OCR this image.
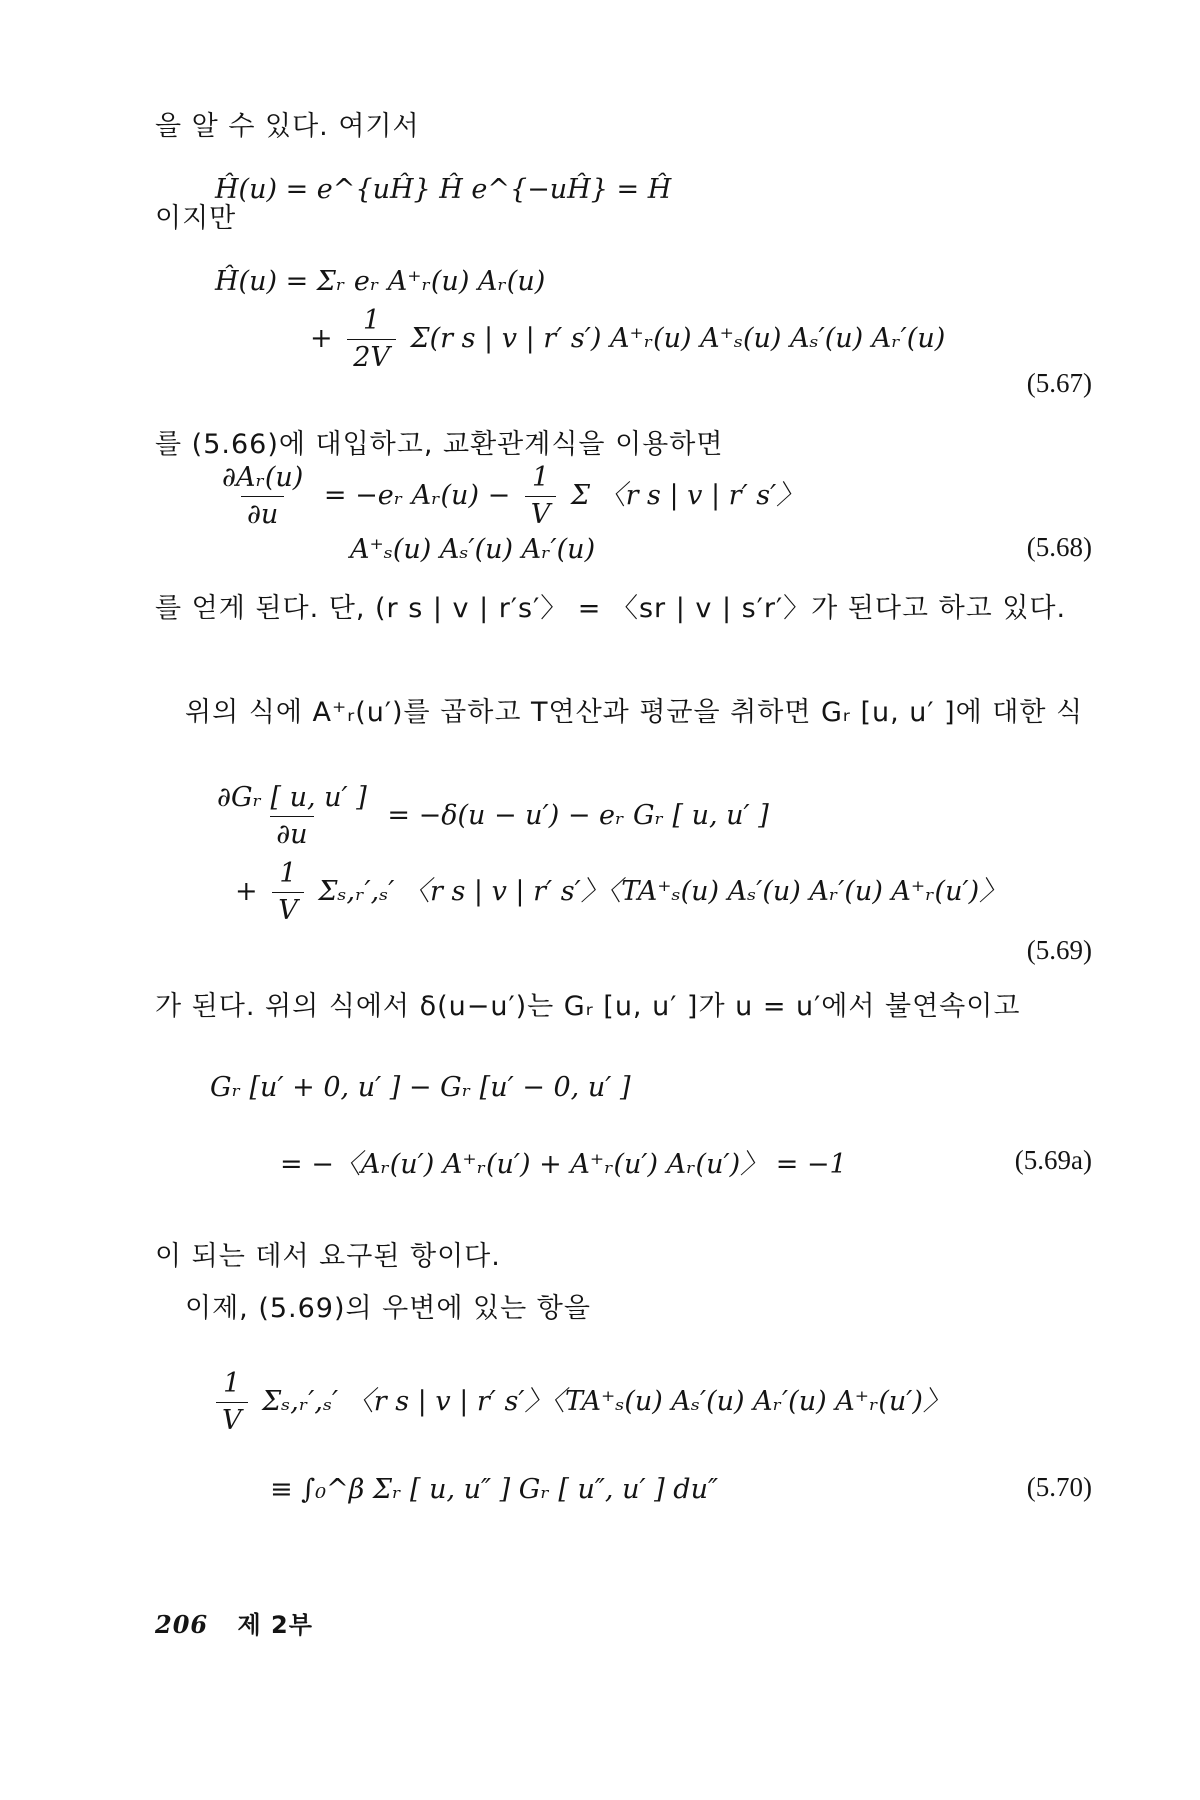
을 알 수 있다. 여기서
Ĥ(u) = e^{uĤ} Ĥ e^{−uĤ} = Ĥ
이지만
Ĥ(u) = Σᵣ eᵣ A⁺ᵣ(u) Aᵣ(u)
+ $\frac{1}{2V} \Sigma(r$ s | v | r′ s′) A⁺ᵣ(u) A⁺ₛ(u) Aₛ′(u) Aᵣ′(u)
(5.67)
를 (5.66)에 대입하고, 교환관계식을 이용하면
$\frac{\text{∂Aᵣ(u)}}{\partial u}$ = −eᵣ Aᵣ(u) − $\frac{1}{V}$ Σ 〈r s | v | r′ s′〉
A⁺ₛ(u) Aₛ′(u) Aᵣ′(u)	(5.68)
를 얻게 된다. 단, (r s | v | r′s′〉 = 〈sr | v | s′r′〉가 된다고 하고 있다.
위의 식에 A⁺ᵣ(u′)를 곱하고 T연산과 평균을 취하면 Gᵣ [u, u′ ]에 대한 식
$\frac{\text{∂Gᵣ [ u, u′ ]}}{\partial u} = -\delta(u - u')$ − eᵣ Gᵣ [ u, u′ ]
+ $\frac{1}{V}$ Σₛ,ᵣ′,ₛ′ 〈r s | v | r′ s′〉〈TA⁺ₛ(u) Aₛ′(u) Aᵣ′(u) A⁺ᵣ(u′)〉
(5.69)
가 된다. 위의 식에서 δ(u−u′)는 Gᵣ [u, u′ ]가 u = u′에서 불연속이고
Gᵣ [u′ + 0, u′ ] − Gᵣ [u′ − 0, u′ ]
= −〈Aᵣ(u′) A⁺ᵣ(u′) + A⁺ᵣ(u′) Aᵣ(u′)〉 = −1	(5.69a)
이 되는 데서 요구된 항이다.
이제, (5.69)의 우변에 있는 항을
$\frac{1}{V}$ Σₛ,ᵣ′,ₛ′ 〈r s | v | r′ s′〉〈TA⁺ₛ(u) Aₛ′(u) Aᵣ′(u) A⁺ᵣ(u′)〉
≡ ∫₀^β Σᵣ [ u, u″ ] Gᵣ [ u″, u′ ] du″	(5.70)
206 제 2부
